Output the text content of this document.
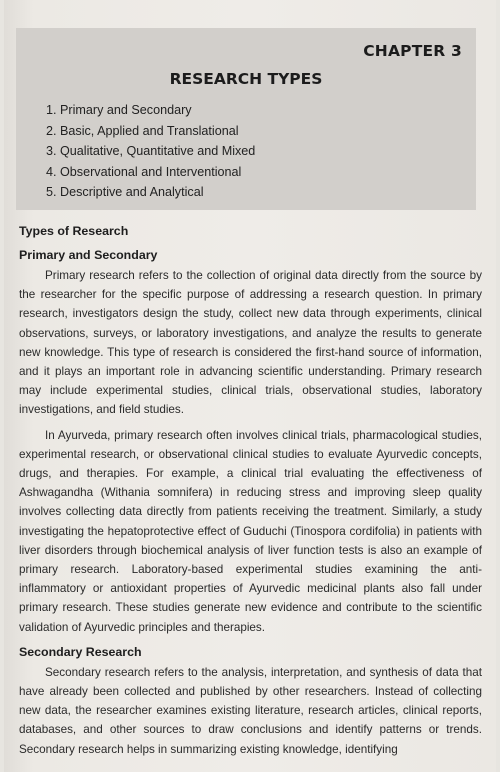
CHAPTER 3
RESEARCH TYPES
1. Primary and Secondary
2. Basic, Applied and Translational
3. Qualitative, Quantitative and Mixed
4. Observational and Interventional
5. Descriptive and Analytical
Types of Research
Primary and Secondary

Primary research refers to the collection of original data directly from the source by the researcher for the specific purpose of addressing a research question. In primary research, investigators design the study, collect new data through experiments, clinical observations, surveys, or laboratory investigations, and analyze the results to generate new knowledge. This type of research is considered the first-hand source of information, and it plays an important role in advancing scientific understanding. Primary research may include experimental studies, clinical trials, observational studies, laboratory investigations, and field studies.

In Ayurveda, primary research often involves clinical trials, pharmacological studies, experimental research, or observational clinical studies to evaluate Ayurvedic concepts, drugs, and therapies. For example, a clinical trial evaluating the effectiveness of Ashwagandha (Withania somnifera) in reducing stress and improving sleep quality involves collecting data directly from patients receiving the treatment. Similarly, a study investigating the hepatoprotective effect of Guduchi (Tinospora cordifolia) in patients with liver disorders through biochemical analysis of liver function tests is also an example of primary research. Laboratory-based experimental studies examining the anti-inflammatory or antioxidant properties of Ayurvedic medicinal plants also fall under primary research. These studies generate new evidence and contribute to the scientific validation of Ayurvedic principles and therapies.

Secondary Research

Secondary research refers to the analysis, interpretation, and synthesis of data that have already been collected and published by other researchers. Instead of collecting new data, the researcher examines existing literature, research articles, clinical reports, databases, and other sources to draw conclusions and identify patterns or trends. Secondary research helps in summarizing existing knowledge, identifying
